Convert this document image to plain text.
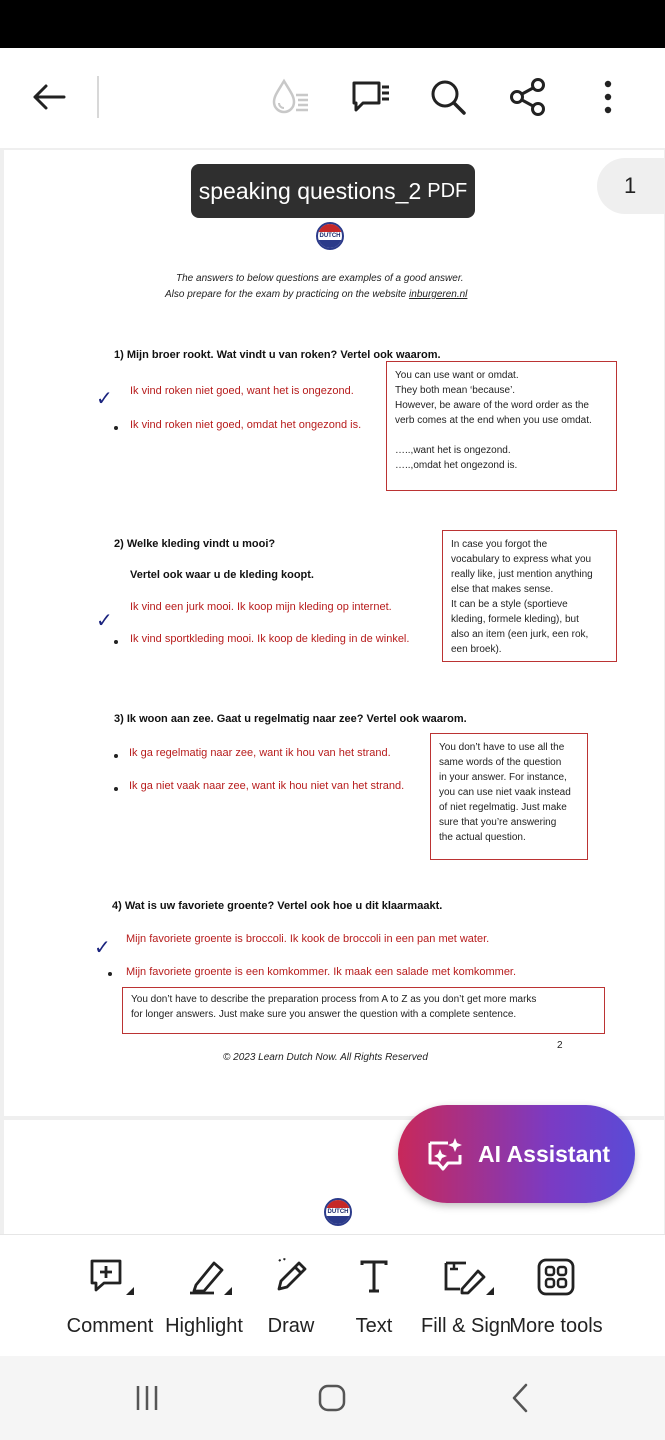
speaking questions_2 PDF	1
DUTCH
The answers to below questions are examples of a good answer.
Also prepare for the exam by practicing on the website inburgeren.nl
1) Mijn broer rookt. Wat vindt u van roken? Vertel ook waarom.
✓ Ik vind roken niet goed, want het is ongezond.
Ik vind roken niet goed, omdat het ongezond is.
You can use want or omdat.
They both mean ‘because’.
However, be aware of the word order as the
verb comes at the end when you use omdat.
…..,want het is ongezond.
…..,omdat het ongezond is.
2) Welke kleding vindt u mooi?
Vertel ook waar u de kleding koopt.
✓
Ik vind een jurk mooi. Ik koop mijn kleding op internet.
Ik vind sportkleding mooi. Ik koop de kleding in de winkel.
In case you forgot the
vocabulary to express what you
really like, just mention anything
else that makes sense.
It can be a style (sportieve
kleding, formele kleding), but
also an item (een jurk, een rok,
een broek).
3) Ik woon aan zee. Gaat u regelmatig naar zee? Vertel ook waarom.
Ik ga regelmatig naar zee, want ik hou van het strand.
Ik ga niet vaak naar zee, want ik hou niet van het strand.
You don’t have to use all the
same words of the question
in your answer. For instance,
you can use niet vaak instead
of niet regelmatig. Just make
sure that you’re answering
the actual question.
4) Wat is uw favoriete groente? Vertel ook hoe u dit klaarmaakt.
✓ Mijn favoriete groente is broccoli. Ik kook de broccoli in een pan met water.
Mijn favoriete groente is een komkommer. Ik maak een salade met komkommer.
You don’t have to describe the preparation process from A to Z as you don’t get more marks
for longer answers. Just make sure you answer the question with a complete sentence.
2
© 2023 Learn Dutch Now. All Rights Reserved
DUTCH
AI Assistant
Comment Highlight Draw Text Fill & Sign
More tools
